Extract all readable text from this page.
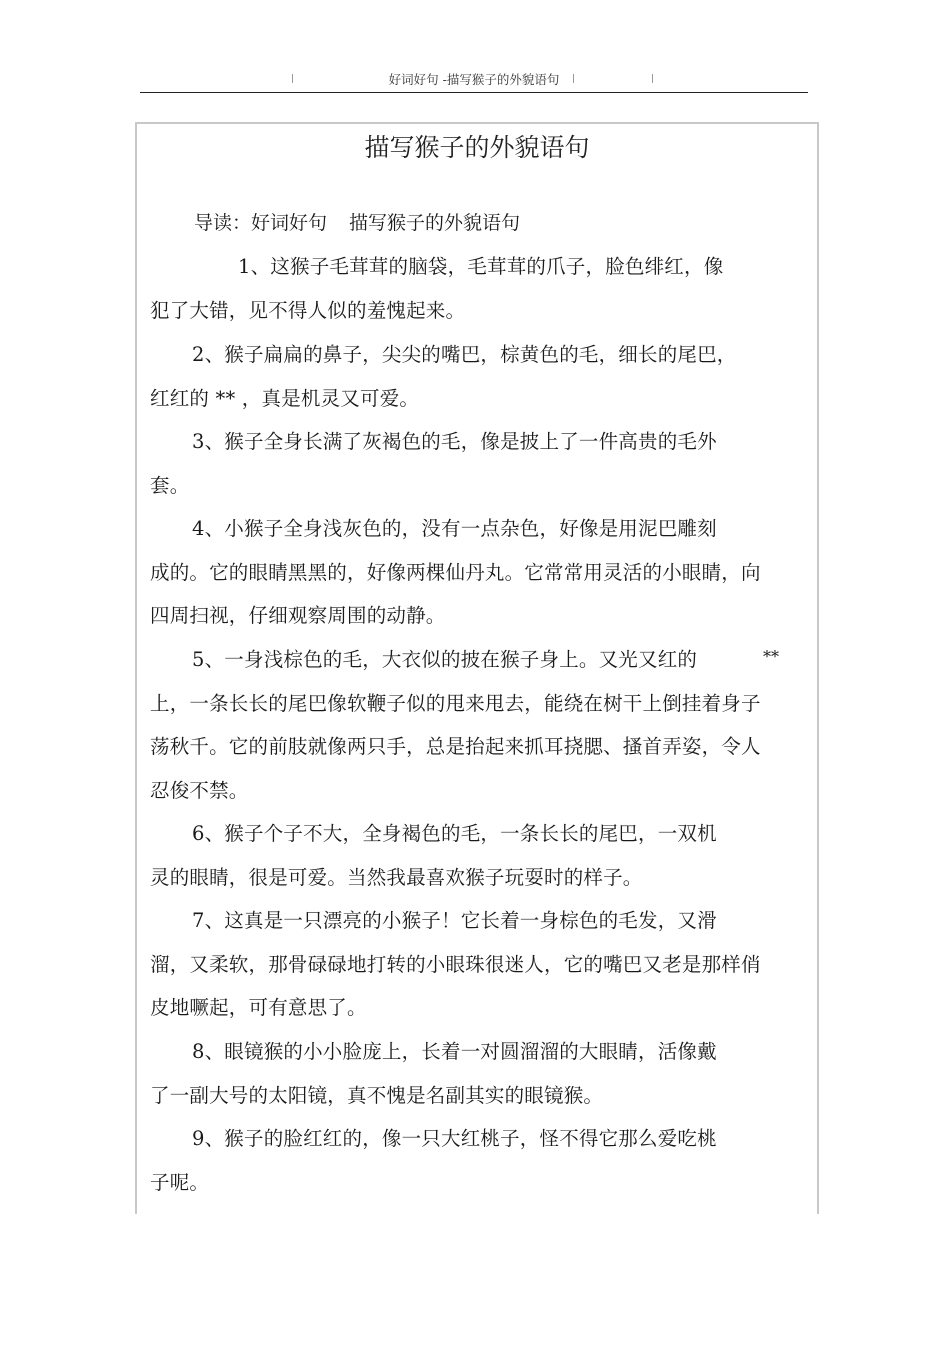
好词好句 -描写猴子的外貌语句
描写猴子的外貌语句
导读：好词好句 描写猴子的外貌语句

1、这猴子毛茸茸的脑袋，毛茸茸的爪子，脸色绯红，像
犯了大错，见不得人似的羞愧起来。

2、猴子扁扁的鼻子，尖尖的嘴巴，棕黄色的毛，细长的尾巴，
红红的 ** ，真是机灵又可爱。

3、猴子全身长满了灰褐色的毛，像是披上了一件高贵的毛外
套。

4、小猴子全身浅灰色的，没有一点杂色，好像是用泥巴雕刻
成的。它的眼睛黑黑的，好像两棵仙丹丸。它常常用灵活的小眼睛，向四周扫视，仔细观察周围的动静。

5、一身浅棕色的毛，大衣似的披在猴子身上。又光又红的
上，一条长长的尾巴像软鞭子似的甩来甩去，能绕在树干上倒挂着身子荡秋千。它的前肢就像两只手，总是抬起来抓耳挠腮、搔首弄姿，令人忍俊不禁。

**

6、猴子个子不大，全身褐色的毛，一条长长的尾巴，一双机
灵的眼睛，很是可爱。当然我最喜欢猴子玩耍时的样子。

7、这真是一只漂亮的小猴子！它长着一身棕色的毛发，又滑
溜，又柔软，那骨碌碌地打转的小眼珠很迷人，它的嘴巴又老是那样俏皮地噘起，可有意思了。

8、眼镜猴的小小脸庞上，长着一对圆溜溜的大眼睛，活像戴
了一副大号的太阳镜，真不愧是名副其实的眼镜猴。

9、猴子的脸红红的，像一只大红桃子，怪不得它那么爱吃桃
子呢。
